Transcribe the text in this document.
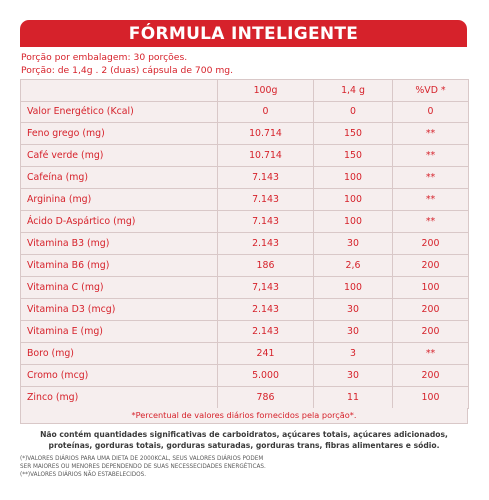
FÓRMULA INTELIGENTE
Porção por embalagem: 30 porções.
Porção: de 1,4g . 2 (duas) cápsula de 700 mg.
	100g	1,4 g	%VD *
Valor Energético (Kcal)	0	0	0
Feno grego (mg)	10.714	150	**
Café verde (mg)	10.714	150	**
Cafeína (mg)	7.143	100	**
Arginina (mg)	7.143	100	**
Ácido D-Aspártico (mg)	7.143	100	**
Vitamina B3 (mg)	2.143	30	200
Vitamina B6 (mg)	186	2,6	200
Vitamina C (mg)	7,143	100	100
Vitamina D3 (mcg)	2.143	30	200
Vitamina E (mg)	2.143	30	200
Boro (mg)	241	3	**
Cromo (mcg)	5.000	30	200
Zinco (mg)	786	11	100
*Percentual de valores diários fornecidos pela porção*.
Não contém quantidades significativas de carboidratos, açúcares totais, açúcares adicionados,
proteínas, gorduras totais, gorduras saturadas, gorduras trans, fibras alimentares e sódio.
(*)VALORES DIÁRIOS PARA UMA DIETA DE 2000KCAL, SEUS VALORES DIÁRIOS PODEM
SER MAIORES OU MENORES DEPENDENDO DE SUAS NECESSECIDADES ENERGÉTICAS.
(**)VALORES DIÁRIOS NÃO ESTABELECIDOS.
